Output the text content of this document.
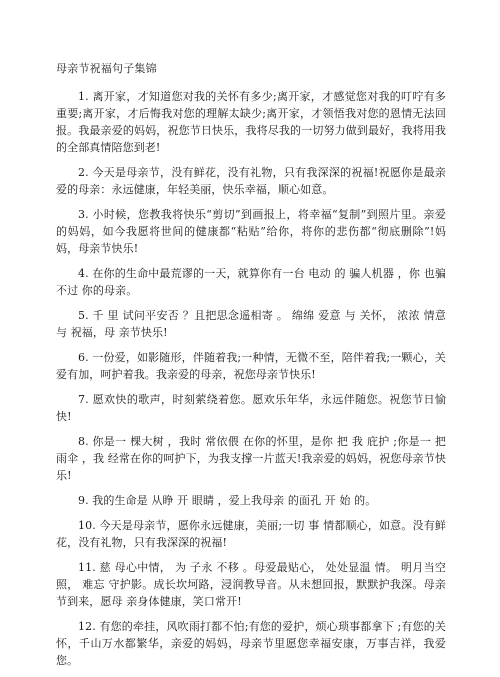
母亲节祝福句子集锦

1. 离开家，才知道您对我的关怀有多少;离开家，才感觉您对我的叮咛有多重要;离开家，才后悔我对您的理解太缺少;离开家，才领悟我对您的恩情无法回报。我最亲爱的妈妈，祝您节日快乐，我将尽我的一切努力做到最好，我将用我的全部真情陪您到老!

2. 今天是母亲节，没有鲜花，没有礼物，只有我深深的祝福!祝愿你是最亲爱的母亲：永远健康，年轻美丽，快乐幸福，顺心如意。

3. 小时候，您教我将快乐“剪切”到画报上，将幸福“复制”到照片里。亲爱的妈妈，如今我愿将世间的健康都“粘贴”给你，将你的悲伤都“彻底删除”!妈妈，母亲节快乐!

4. 在你的生命中最荒谬的一天，就算你有一台 电动 的 骗人机器 ，你 也骗不过 你的母亲。

5. 千 里 试问平安否 ？且把思念遥相寄 。 绵绵 爱意 与 关怀， 浓浓 情意 与 祝福，母 亲节快乐!

6. 一份爱，如影随形，伴随着我;一种情，无微不至，陪伴着我;一颗心，关爱有加，呵护着我。我亲爱的母亲，祝您母亲节快乐!

7. 愿欢快的歌声，时刻萦绕着您。愿欢乐年华，永远伴随您。祝您节日愉快!

8. 你是一 棵大树 ，我时 常依偎 在你的怀里，是你 把 我 庇护 ;你是一 把雨伞 ，我 经常在你的呵护下，为我支撑一片蓝天!我亲爱的妈妈，祝您母亲节快乐!

9. 我的生命是 从睁 开 眼睛 ，爱上我母亲 的面孔 开 始 的。

10. 今天是母亲节，愿你永远健康，美丽;一切 事 情都顺心，如意。没有鲜花，没有礼物，只有我深深的祝福!

11. 慈 母心中情， 为 子永 不移 。母爱最贴心， 处处显温 情。 明月当空照， 难忘 守护影。成长坎坷路，浸润教导音。从未想回报，默默护我深。母亲节到来，愿母 亲身体健康，笑口常开!

12. 有您的牵挂，风吹雨打都不怕;有您的爱护，烦心琐事都拿下 ;有您的关怀，千山万水都繁华，亲爱的妈妈，母亲节里愿您幸福安康，万事吉祥，我爱您。
